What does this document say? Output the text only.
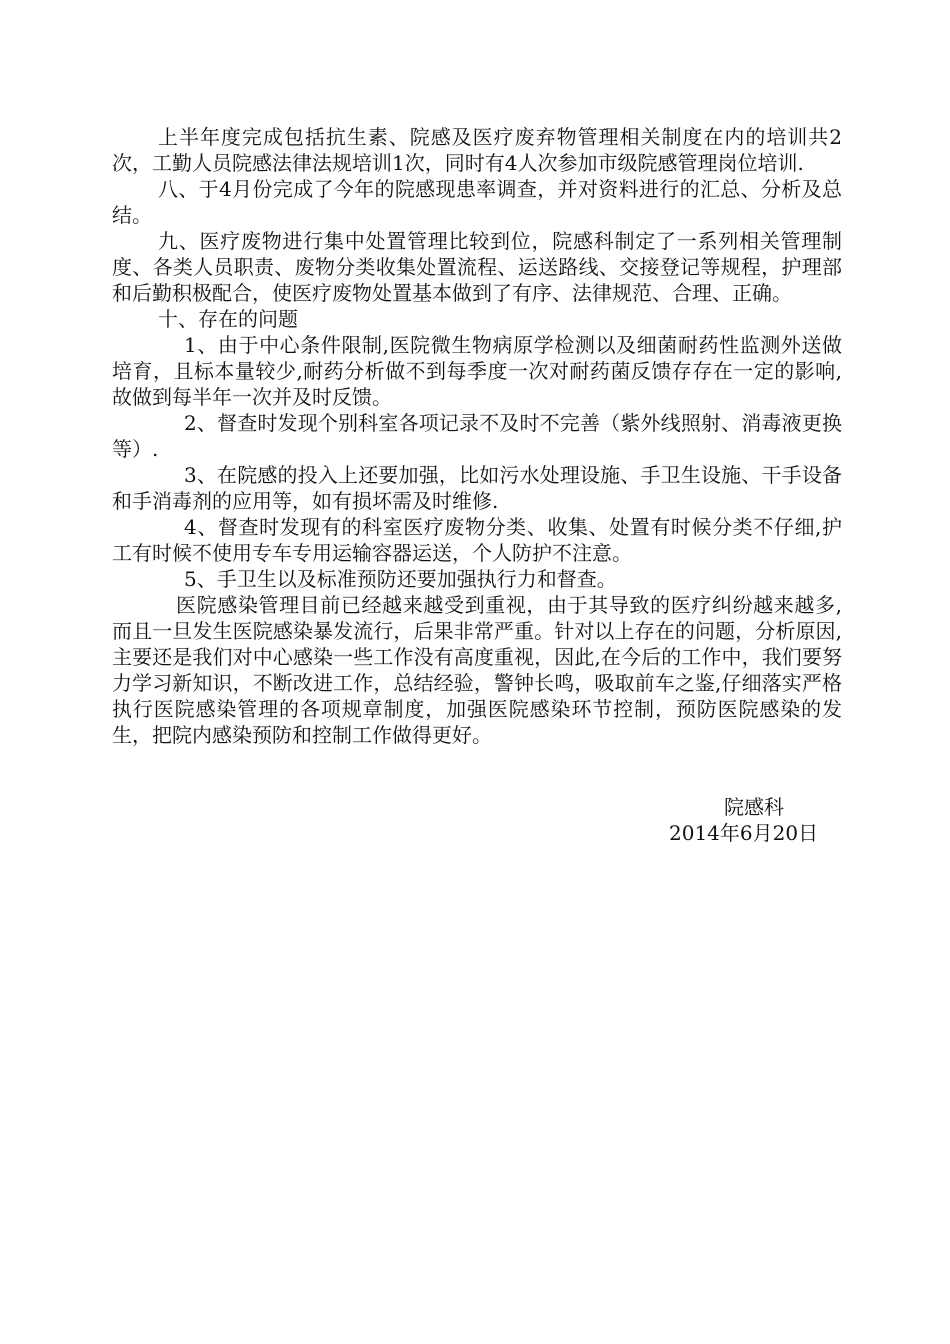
上半年度完成包括抗生素、院感及医疗废弃物管理相关制度在内的培训共2次，工勤人员院感法律法规培训1次，同时有4人次参加市级院感管理岗位培训.

八、于4月份完成了今年的院感现患率调查，并对资料进行的汇总、分析及总结。

九、医疗废物进行集中处置管理比较到位，院感科制定了一系列相关管理制度、各类人员职责、废物分类收集处置流程、运送路线、交接登记等规程，护理部和后勤积极配合，使医疗废物处置基本做到了有序、法律规范、合理、正确。

十、存在的问题

1、由于中心条件限制,医院微生物病原学检测以及细菌耐药性监测外送做培育，且标本量较少,耐药分析做不到每季度一次对耐药菌反馈存存在一定的影响,故做到每半年一次并及时反馈。

2、督查时发现个别科室各项记录不及时不完善（紫外线照射、消毒液更换等）.

3、在院感的投入上还要加强，比如污水处理设施、手卫生设施、干手设备和手消毒剂的应用等，如有损坏需及时维修.

4、督查时发现有的科室医疗废物分类、收集、处置有时候分类不仔细,护工有时候不使用专车专用运输容器运送，个人防护不注意。

5、手卫生以及标准预防还要加强执行力和督查。

医院感染管理目前已经越来越受到重视，由于其导致的医疗纠纷越来越多,而且一旦发生医院感染暴发流行，后果非常严重。针对以上存在的问题，分析原因,主要还是我们对中心感染一些工作没有高度重视，因此,在今后的工作中，我们要努力学习新知识，不断改进工作，总结经验，警钟长鸣，吸取前车之鉴,仔细落实严格执行医院感染管理的各项规章制度，加强医院感染环节控制，预防医院感染的发生，把院内感染预防和控制工作做得更好。

院感科
2014年6月20日
